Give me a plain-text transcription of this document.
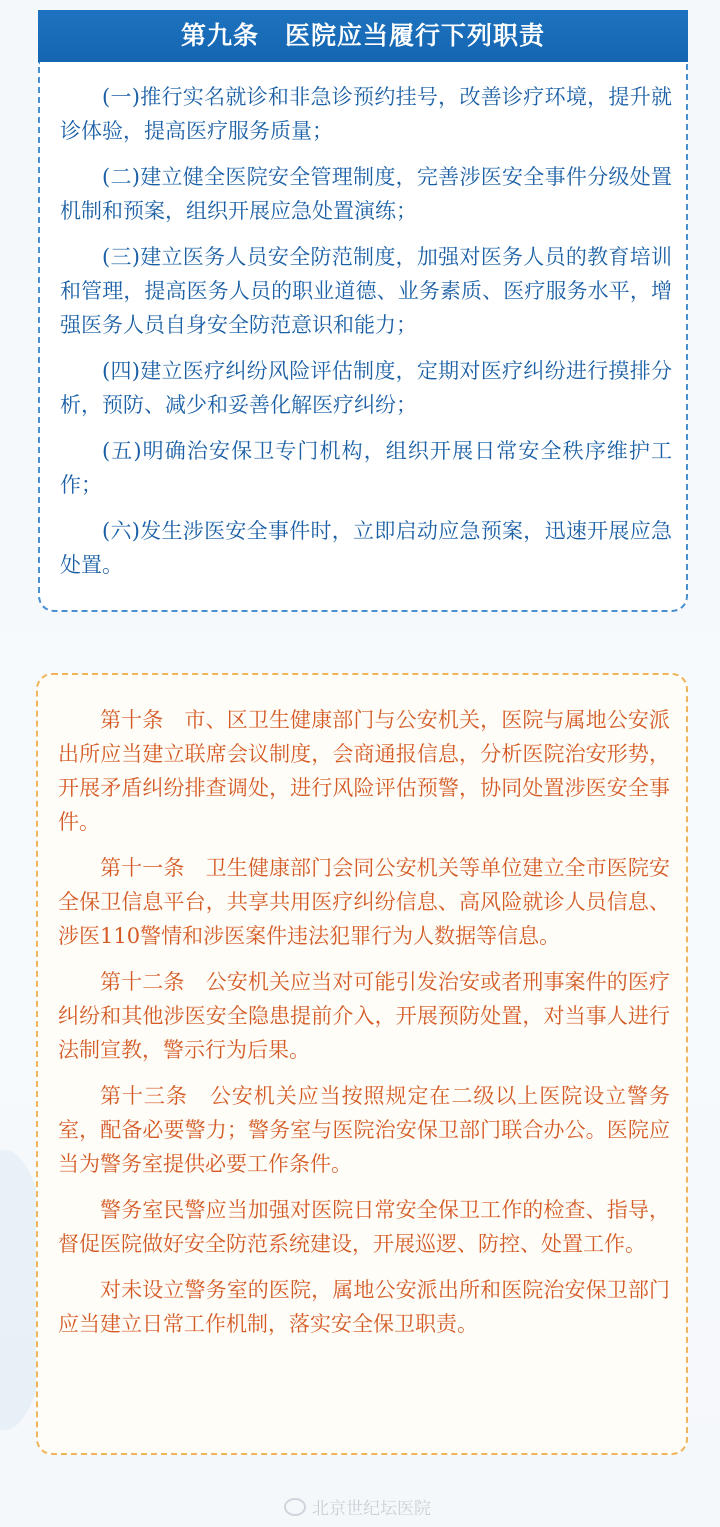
第九条　医院应当履行下列职责

(一)推行实名就诊和非急诊预约挂号，改善诊疗环境，提升就诊体验，提高医疗服务质量；

(二)建立健全医院安全管理制度，完善涉医安全事件分级处置机制和预案，组织开展应急处置演练；

(三)建立医务人员安全防范制度，加强对医务人员的教育培训和管理，提高医务人员的职业道德、业务素质、医疗服务水平，增强医务人员自身安全防范意识和能力；

(四)建立医疗纠纷风险评估制度，定期对医疗纠纷进行摸排分析，预防、减少和妥善化解医疗纠纷；

(五)明确治安保卫专门机构，组织开展日常安全秩序维护工作；

(六)发生涉医安全事件时，立即启动应急预案，迅速开展应急处置。

第十条　 市、区卫生健康部门与公安机关，医院与属地公安派出所应当建立联席会议制度，会商通报信息，分析医院治安形势，开展矛盾纠纷排查调处，进行风险评估预警，协同处置涉医安全事件。

第十一条　 卫生健康部门会同公安机关等单位建立全市医院安全保卫信息平台，共享共用医疗纠纷信息、高风险就诊人员信息、涉医110警情和涉医案件违法犯罪行为人数据等信息。

第十二条　 公安机关应当对可能引发治安或者刑事案件的医疗纠纷和其他涉医安全隐患提前介入，开展预防处置，对当事人进行法制宣教，警示行为后果。

第十三条　 公安机关应当按照规定在二级以上医院设立警务室，配备必要警力；警务室与医院治安保卫部门联合办公。医院应当为警务室提供必要工作条件。

警务室民警应当加强对医院日常安全保卫工作的检查、指导，督促医院做好安全防范系统建设，开展巡逻、防控、处置工作。

对未设立警务室的医院，属地公安派出所和医院治安保卫部门应当建立日常工作机制，落实安全保卫职责。

北京世纪坛医院
